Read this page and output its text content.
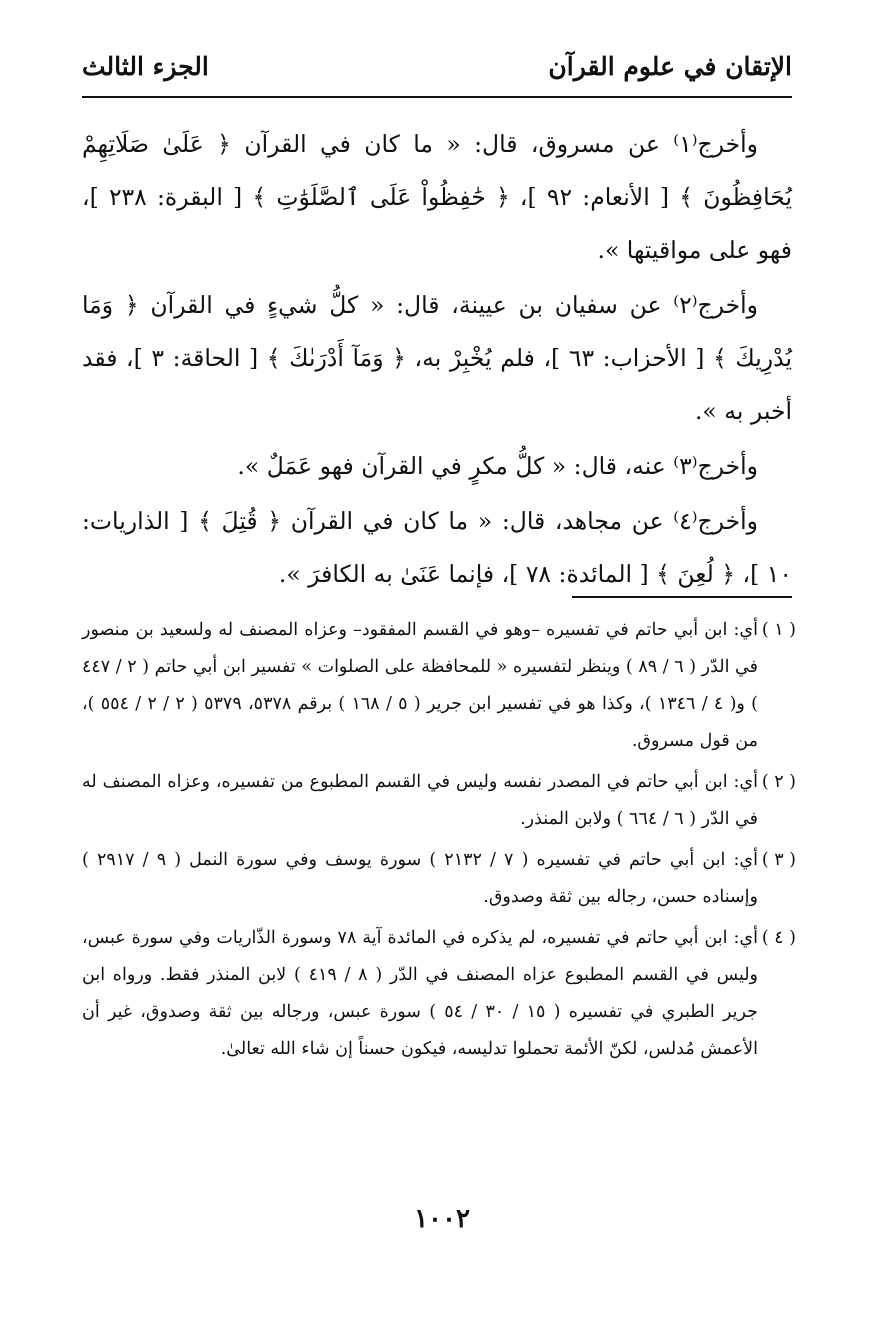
الإتقان في علوم القرآن
الجزء الثالث

وأخرج⁽١⁾ عن مسروق، قال: « ما كان في القرآن ﴿ عَلَىٰ صَلَاتِهِمْ يُحَافِظُونَ ﴾ [ الأنعام: ٩٢ ]، ﴿ حَٰفِظُواْ عَلَى ٱلصَّلَوَٰتِ ﴾ [ البقرة: ٢٣٨ ]، فهو على مواقيتها ».

وأخرج⁽٢⁾ عن سفيان بن عيينة، قال: « كلُّ شيءٍ في القرآن ﴿ وَمَا يُدْرِيكَ ﴾ [ الأحزاب: ٦٣ ]، فلم يُخْبِرْ به، ﴿ وَمَآ أَدْرَىٰكَ ﴾ [ الحاقة: ٣ ]، فقد أخبر به ».

وأخرج⁽٣⁾ عنه، قال: « كلُّ مكرٍ في القرآن فهو عَمَلٌ ».

وأخرج⁽٤⁾ عن مجاهد، قال: « ما كان في القرآن ﴿ قُتِلَ ﴾ [ الذاريات: ١٠ ]، ﴿ لُعِنَ ﴾ [ المائدة: ٧٨ ]، فإنما عَنَىٰ به الكافرَ ».

( ١ )
أي: ابن أبي حاتم في تفسيره –وهو في القسم المفقود– وعزاه المصنف له ولسعيد بن منصور في الدّر ( ٦ / ٨٩ ) وينظر لتفسيره « للمحافظة على الصلوات » تفسير ابن أبي حاتم ( ٢ / ٤٤٧ ) و( ٤ / ١٣٤٦ )، وكذا هو في تفسير ابن جرير ( ٥ / ١٦٨ ) برقم ٥٣٧٨، ٥٣٧٩ ( ٢ / ٢ / ٥٥٤ )، من قول مسروق.
( ٢ )
أي: ابن أبي حاتم في المصدر نفسه وليس في القسم المطبوع من تفسيره، وعزاه المصنف له في الدّر ( ٦ / ٦٦٤ ) ولابن المنذر.
( ٣ )
أي: ابن أبي حاتم في تفسيره ( ٧ / ٢١٣٢ ) سورة يوسف وفي سورة النمل ( ٩ / ٢٩١٧ ) وإسناده حسن، رجاله بين ثقة وصدوق.
( ٤ )
أي: ابن أبي حاتم في تفسيره، لم يذكره في المائدة آية ٧٨ وسورة الذّاريات وفي سورة عبس، وليس في القسم المطبوع عزاه المصنف في الدّر ( ٨ / ٤١٩ ) لابن المنذر فقط. ورواه ابن جرير الطبري في تفسيره ( ١٥ / ٣٠ / ٥٤ ) سورة عبس، ورجاله بين ثقة وصدوق، غير أن الأعمش مُدلس، لكنّ الأئمة تحملوا تدليسه، فيكون حسناً إن شاء الله تعالىٰ.
١٠٠٢
